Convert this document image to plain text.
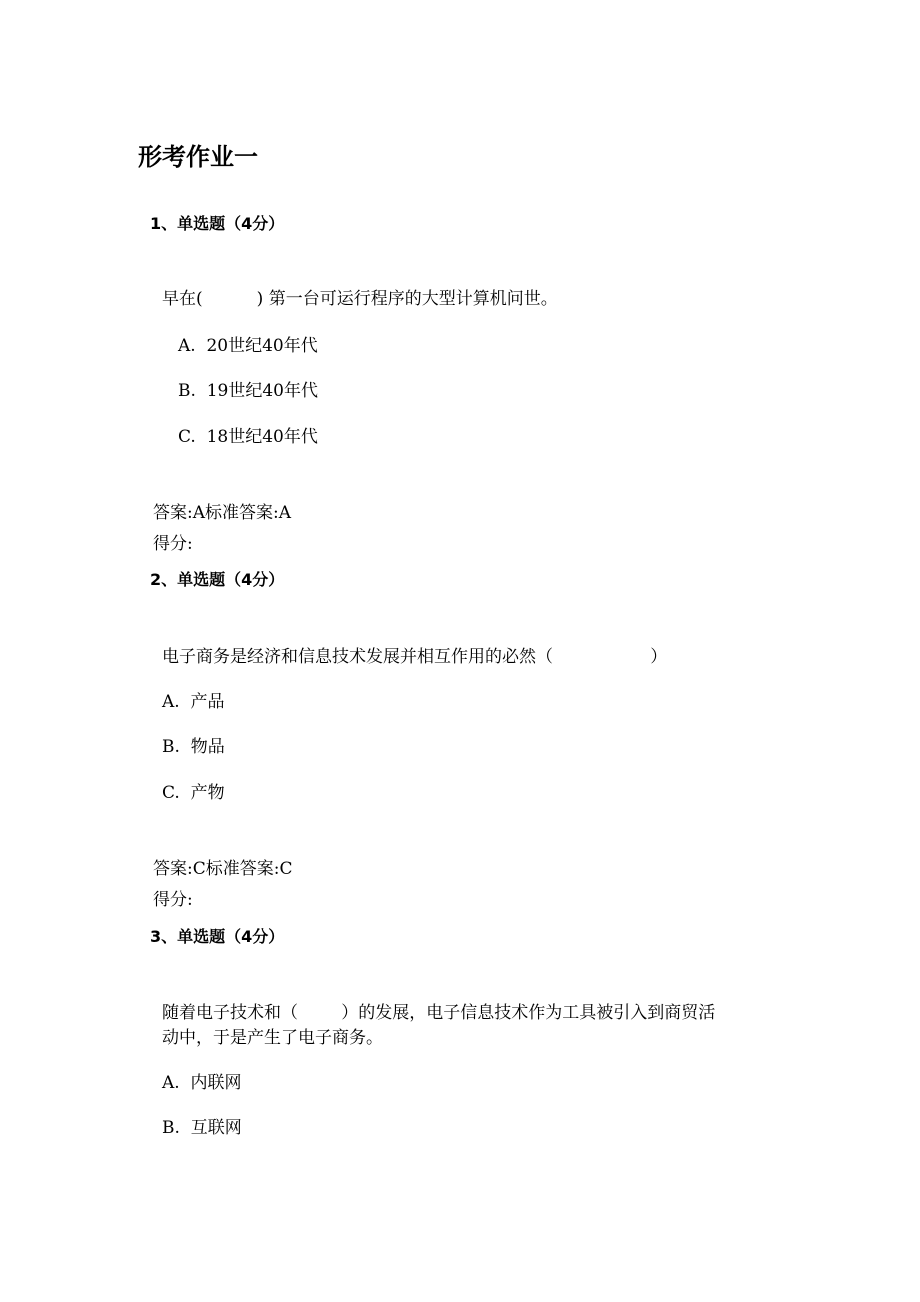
形考作业一
1、单选题（4分）
早在(          ) 第一台可运行程序的大型计算机问世。
A.  20世纪40年代
B.  19世纪40年代
C.  18世纪40年代
答案:A标准答案:A
得分:
2、单选题（4分）
电子商务是经济和信息技术发展并相互作用的必然（                  ）
A.  产品
B.  物品
C.  产物
答案:C标准答案:C
得分:
3、单选题（4分）
随着电子技术和（        ）的发展，电子信息技术作为工具被引入到商贸活
动中，于是产生了电子商务。
A.  内联网
B.  互联网
